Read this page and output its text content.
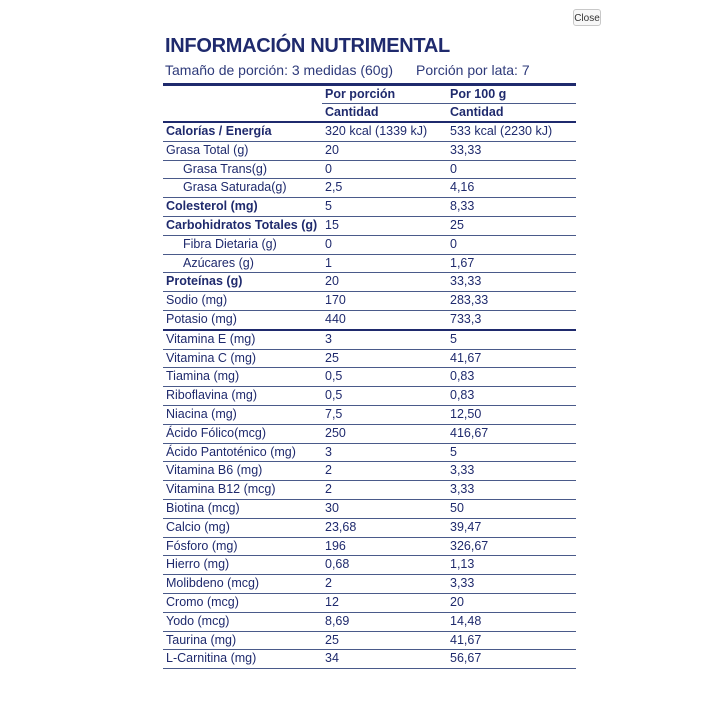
Close
INFORMACIÓN NUTRIMENTAL
Tamaño de porción: 3 medidas (60g)	Porción por lata: 7
	Por porción	Por 100 g
	Cantidad	Cantidad
Calorías / Energía	320 kcal (1339 kJ)	533 kcal (2230 kJ)
Grasa Total (g)	20	33,33
Grasa Trans(g)	0	0
Grasa Saturada(g)	2,5	4,16
Colesterol (mg)	5	8,33
Carbohidratos Totales (g)	15	25
Fibra Dietaria (g)	0	0
Azúcares (g)	1	1,67
Proteínas (g)	20	33,33
Sodio (mg)	170	283,33
Potasio (mg)	440	733,3
Vitamina E (mg)	3	5
Vitamina C (mg)	25	41,67
Tiamina (mg)	0,5	0,83
Riboflavina (mg)	0,5	0,83
Niacina (mg)	7,5	12,50
Ácido Fólico(mcg)	250	416,67
Ácido Pantoténico (mg)	3	5
Vitamina B6 (mg)	2	3,33
Vitamina B12 (mcg)	2	3,33
Biotina (mcg)	30	50
Calcio (mg)	23,68	39,47
Fósforo (mg)	196	326,67
Hierro (mg)	0,68	1,13
Molibdeno (mcg)	2	3,33
Cromo (mcg)	12	20
Yodo (mcg)	8,69	14,48
Taurina (mg)	25	41,67
L-Carnitina (mg)	34	56,67
